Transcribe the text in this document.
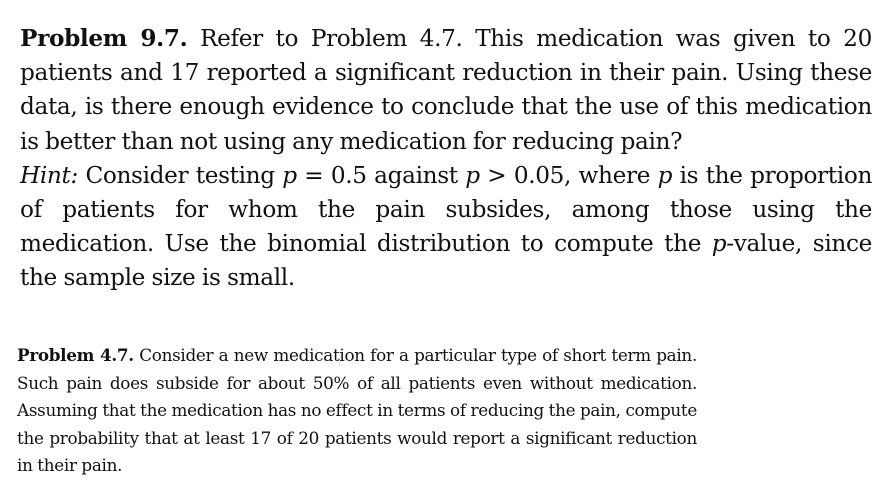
Problem 9.7. Refer to Problem 4.7. This medication was given to 20 patients and 17 reported a significant reduction in their pain. Using these data, is there enough evidence to conclude that the use of this medication is better than not using any medication for reducing pain?

Hint: Consider testing p = 0.5 against p > 0.05, where p is the proportion of patients for whom the pain subsides, among those using the medication. Use the binomial distribution to compute the p-value, since the sample size is small.

Problem 4.7. Consider a new medication for a particular type of short term pain. Such pain does subside for about 50% of all patients even without medication. Assuming that the medication has no effect in terms of reducing the pain, compute the probability that at least 17 of 20 patients would report a significant reduction in their pain.
